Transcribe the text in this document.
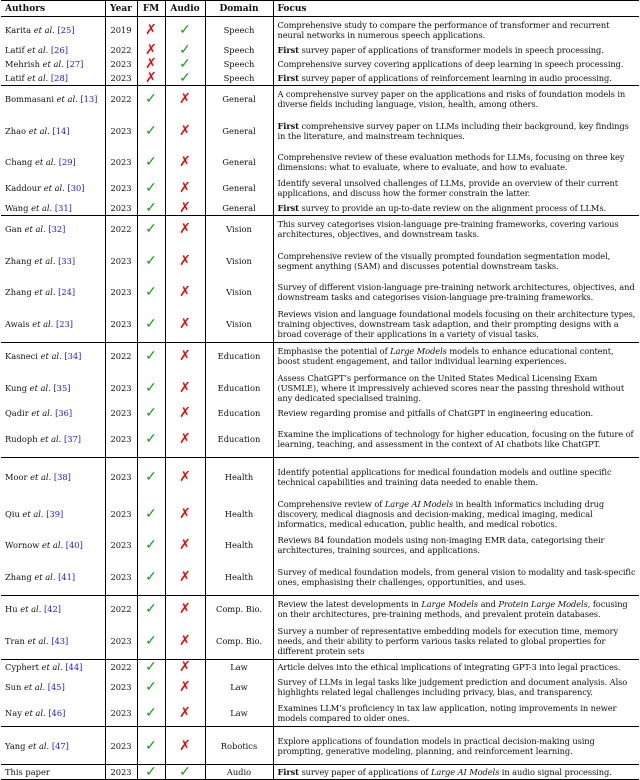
Authors	Year	FM	Audio	Domain	Focus
Karita et al. [25]	2019	✗	✓	Speech	Comprehensive study to compare the performance of transformer and recurrent neural networks in numerous speech applications.
Latif et al. [26]	2022	✗	✓	Speech	First survey paper of applications of transformer models in speech processing.
Mehrish et al. [27]	2023	✗	✓	Speech	Comprehensive survey covering applications of deep learning in speech processing.
Latif et al. [28]	2023	✗	✓	Speech	First survey paper of applications of reinforcement learning in audio processing.
Bommasani et al. [13]	2022	✓	✗	General	A comprehensive survey paper on the applications and risks of foundation models in diverse fields including language, vision, health, among others.
Zhao et al. [14]	2023	✓	✗	General	First comprehensive survey paper on LLMs including their background, key findings in the literature, and mainstream techniques.
Chang et al. [29]	2023	✓	✗	General	Comprehensive review of these evaluation methods for LLMs, focusing on three key dimensions: what to evaluate, where to evaluate, and how to evaluate.
Kaddour et al. [30]	2023	✓	✗	General	Identify several unsolved challenges of LLMs, provide an overview of their current applications, and discuss how the former constrain the latter.
Wang et al. [31]	2023	✓	✗	General	First survey to provide an up-to-date review on the alignment process of LLMs.
Gan et al. [32]	2022	✓	✗	Vision	This survey categorises vision-language pre-training frameworks, covering various architectures, objectives, and downstream tasks.
Zhang et al. [33]	2023	✓	✗	Vision	Comprehensive review of the visually prompted foundation segmentation model, segment anything (SAM) and discusses potential downstream tasks.
Zhang et al. [24]	2023	✓	✗	Vision	Survey of different vision-language pre-training network architectures, objectives, and downstream tasks and categorises vision-language pre-training frameworks.
Awais et al. [23]	2023	✓	✗	Vision	Reviews vision and language foundational models focusing on their architecture types, training objectives, downstream task adaption, and their prompting designs with a broad coverage of their applications in a variety of visual tasks.
Kasneci et al. [34]	2022	✓	✗	Education	Emphasise the potential of Large Models models to enhance educational content, boost student engagement, and tailor individual learning experiences.
Kung et al. [35]	2023	✓	✗	Education	Assess ChatGPT’s performance on the United States Medical Licensing Exam (USMLE), where it impressively achieved scores near the passing threshold without any dedicated specialised training.
Qadir et al. [36]	2023	✓	✗	Education	Review regarding promise and pitfalls of ChatGPT in engineering education.
Rudoph et al. [37]	2023	✓	✗	Education	Examine the implications of technology for higher education, focusing on the future of learning, teaching, and assessment in the context of AI chatbots like ChatGPT.
Moor et al. [38]	2023	✓	✗	Health	Identify potential applications for medical foundation models and outline specific technical capabilities and training data needed to enable them.
Qiu et al. [39]	2023	✓	✗	Health	Comprehensive review of Large AI Models in health informatics including drug discovery, medical diagnosis and decision-making, medical imaging, medical informatics, medical education, public health, and medical robotics.
Wornow et al. [40]	2023	✓	✗	Health	Reviews 84 foundation models using non-imaging EMR data, categorising their architectures, training sources, and applications.
Zhang et al. [41]	2023	✓	✗	Health	Survey of medical foundation models, from general vision to modality and task-specific ones, emphasising their challenges, opportunities, and uses.
Hu et al. [42]	2022	✓	✗	Comp. Bio.	Review the latest developments in Large Models and Protein Large Models, focusing on their architectures, pre-training methods, and prevalent protein databases.
Tran et al. [43]	2023	✓	✗	Comp. Bio.	Survey a number of representative embedding models for execution time, memory needs, and their ability to perform various tasks related to global properties for different protein sets
Cyphert et al. [44]	2022	✓	✗	Law	Article delves into the ethical implications of integrating GPT-3 into legal practices.
Sun et al. [45]	2023	✓	✗	Law	Survey of LLMs in legal tasks like judgement prediction and document analysis. Also highlights related legal challenges including privacy, bias, and transparency.
Nay et al. [46]	2023	✓	✗	Law	Examines LLM’s proficiency in tax law application, noting improvements in newer models compared to older ones.
Yang et al. [47]	2023	✓	✗	Robotics	Explore applications of foundation models in practical decision-making using prompting, generative modeling, planning, and reinforcement learning.
This paper	2023	✓	✓	Audio	First survey paper of applications of Large AI Models in audio signal processing.
